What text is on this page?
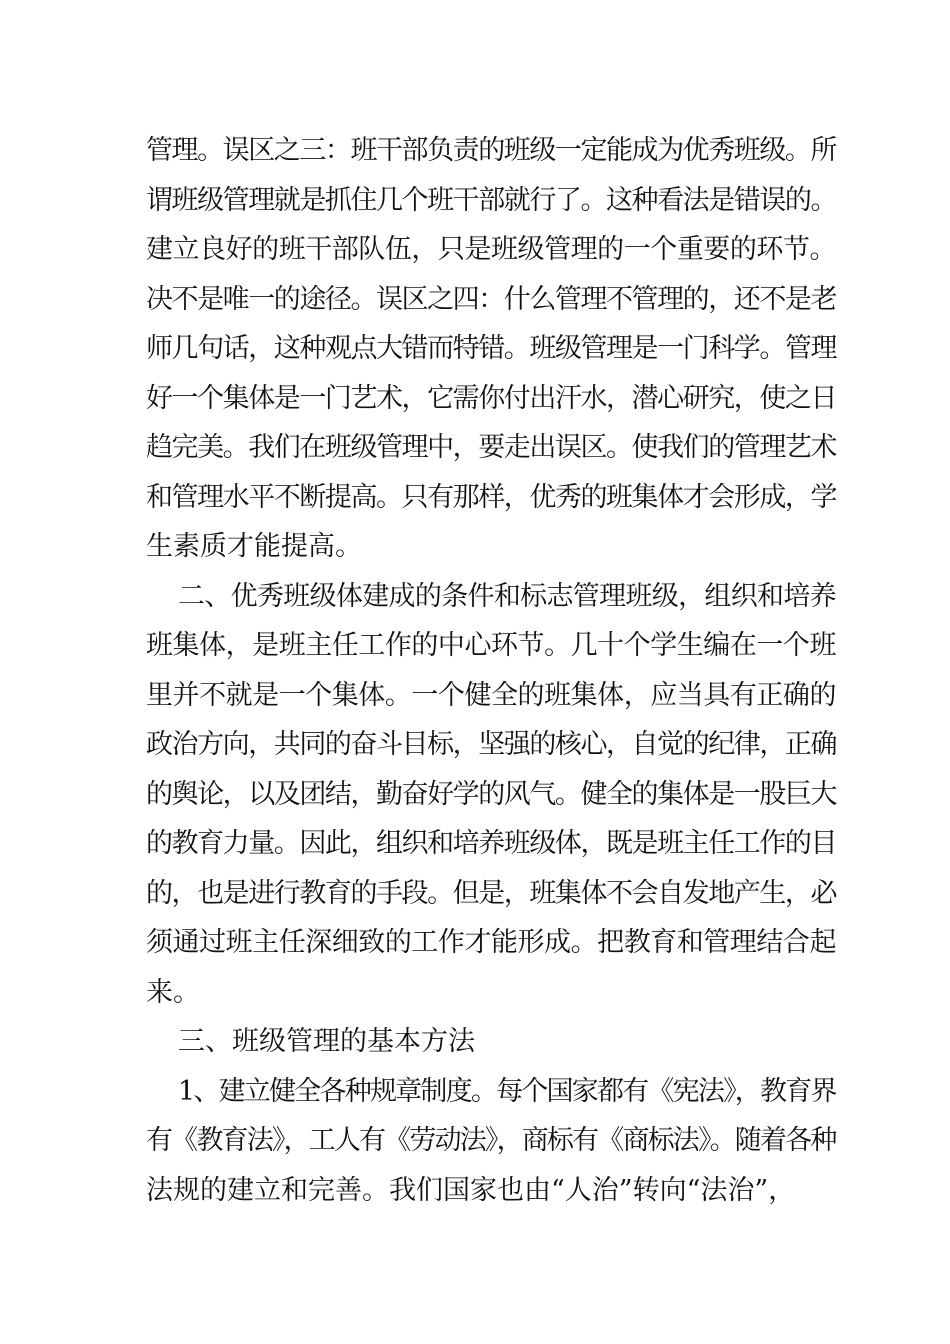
管理。误区之三：班干部负责的班级一定能成为优秀班级。所
谓班级管理就是抓住几个班干部就行了。这种看法是错误的。
建立良好的班干部队伍，只是班级管理的一个重要的环节。
决不是唯一的途径。误区之四：什么管理不管理的，还不是老
师几句话，这种观点大错而特错。班级管理是一门科学。管理
好一个集体是一门艺术，它需你付出汗水，潜心研究，使之日
趋完美。我们在班级管理中，要走出误区。使我们的管理艺术
和管理水平不断提高。只有那样，优秀的班集体才会形成，学
生素质才能提高。
二、优秀班级体建成的条件和标志管理班级，组织和培养
班集体，是班主任工作的中心环节。几十个学生编在一个班
里并不就是一个集体。一个健全的班集体，应当具有正确的
政治方向，共同的奋斗目标，坚强的核心，自觉的纪律，正确
的舆论，以及团结，勤奋好学的风气。健全的集体是一股巨大
的教育力量。因此，组织和培养班级体，既是班主任工作的目
的，也是进行教育的手段。但是，班集体不会自发地产生，必
须通过班主任深细致的工作才能形成。把教育和管理结合起
来。
三、班级管理的基本方法
1、建立健全各种规章制度。每个国家都有《宪法》，教育界
有《教育法》，工人有《劳动法》，商标有《商标法》。随着各种
法规的建立和完善。我们国家也由“人治”转向“法治”，
